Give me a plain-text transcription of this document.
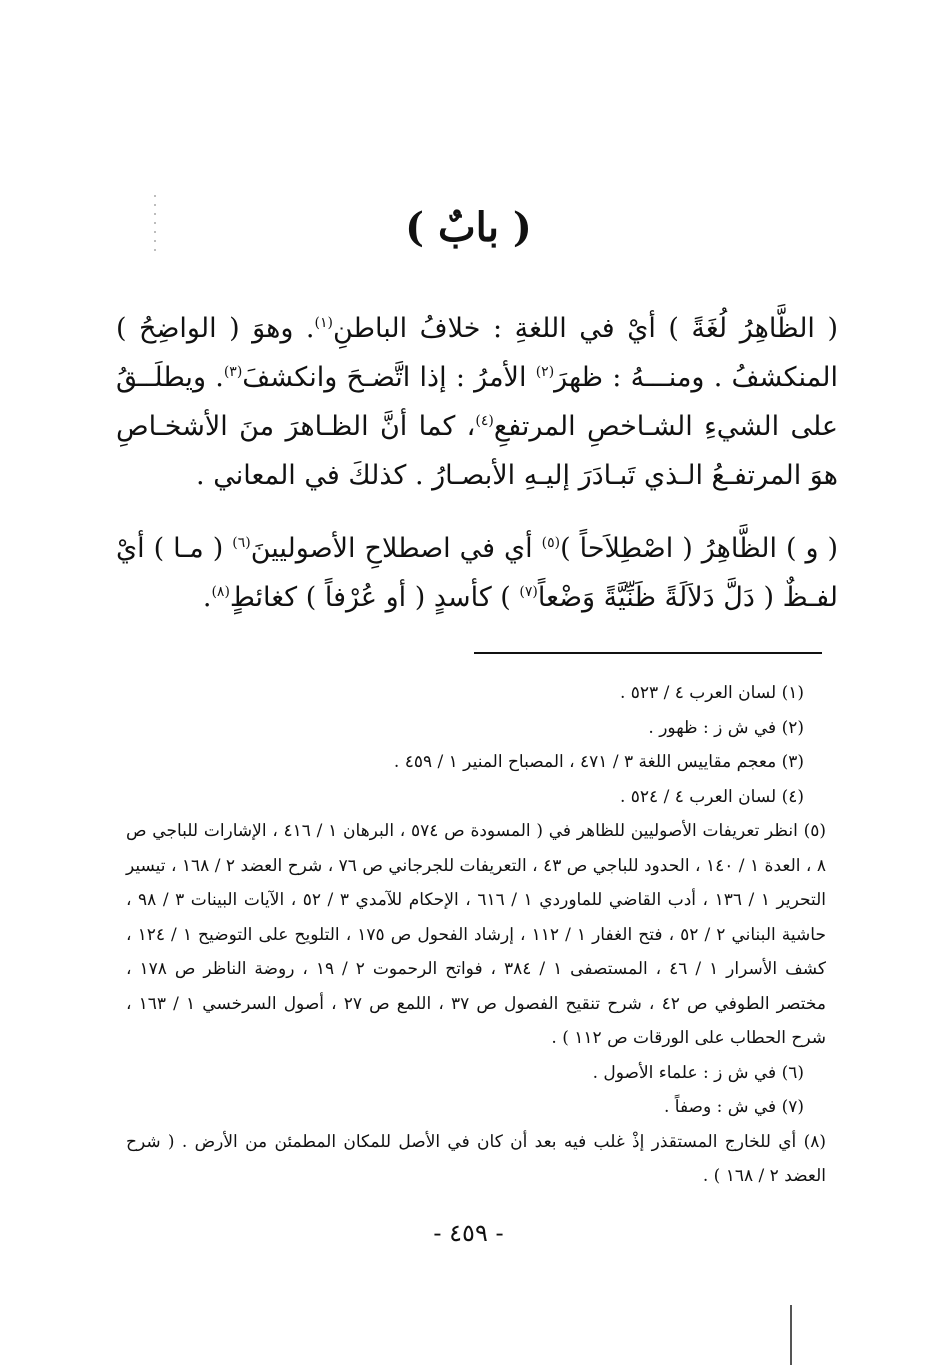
( بابٌ )

( الظَّاهِرُ لُغَةً ) أيْ في اللغةِ : خلافُ الباطنِ$^{(١)}$. وهوَ ( الواضِحُ ) المنكشفُ . ومنـــهُ : ظهرَ$^{(٢)}$ الأمرُ : إذا اتَّضـحَ وانكشفَ$^{(٣)}$. ويطلَــقُ على الشيءِ الشـاخصِ المرتفعِ$^{(٤)}$، كما أنَّ الظـاهرَ منَ الأشخـاصِ هوَ المرتفـعُ الـذي تَبـادَرَ إليـهِ الأبصـارُ . كذلكَ في المعاني .

( و ) الظَّاهِرُ ( اصْطِلاَحاً )$^{(٥)}$ أي في اصطلاحِ الأصوليينَ$^{(٦)}$ ( مـا ) أيْ لفـظٌ ( دَلَّ دَلاَلَةً ظَنِّيَّةً وَضْعاً$^{(٧)}$ ) كأسدٍ ( أو عُرْفاً ) كغائطٍ$^{(٨)}$.

(١) لسان العرب ٤ / ٥٢٣ .
(٢) في ش ز : ظهور .
(٣) معجم مقاييس اللغة ٣ / ٤٧١ ، المصباح المنير ١ / ٤٥٩ .
(٤) لسان العرب ٤ / ٥٢٤ .
(٥) انظر تعريفات الأصوليين للظاهر في ( المسودة ص ٥٧٤ ، البرهان ١ / ٤١٦ ، الإشارات للباجي ص ٨ ، العدة ١ / ١٤٠ ، الحدود للباجي ص ٤٣ ، التعريفات للجرجاني ص ٧٦ ، شرح العضد ٢ / ١٦٨ ، تيسير التحرير ١ / ١٣٦ ، أدب القاضي للماوردي ١ / ٦١٦ ، الإحكام للآمدي ٣ / ٥٢ ، الآيات البينات ٣ / ٩٨ ، حاشية البناني ٢ / ٥٢ ، فتح الغفار ١ / ١١٢ ، إرشاد الفحول ص ١٧٥ ، التلويح على التوضيح ١ / ١٢٤ ، كشف الأسرار ١ / ٤٦ ، المستصفى ١ / ٣٨٤ ، فواتح الرحموت ٢ / ١٩ ، روضة الناظر ص ١٧٨ ، مختصر الطوفي ص ٤٢ ، شرح تنقيح الفصول ص ٣٧ ، اللمع ص ٢٧ ، أصول السرخسي ١ / ١٦٣ ، شرح الحطاب على الورقات ص ١١٢ ) .
(٦) في ش ز : علماء الأصول .
(٧) في ش : وصفاً .
(٨) أي للخارج المستقذر إذْ غلب فيه بعد أن كان في الأصل للمكان المطمئن من الأرض . ( شرح العضد ٢ / ١٦٨ ) .
- ٤٥٩ -
